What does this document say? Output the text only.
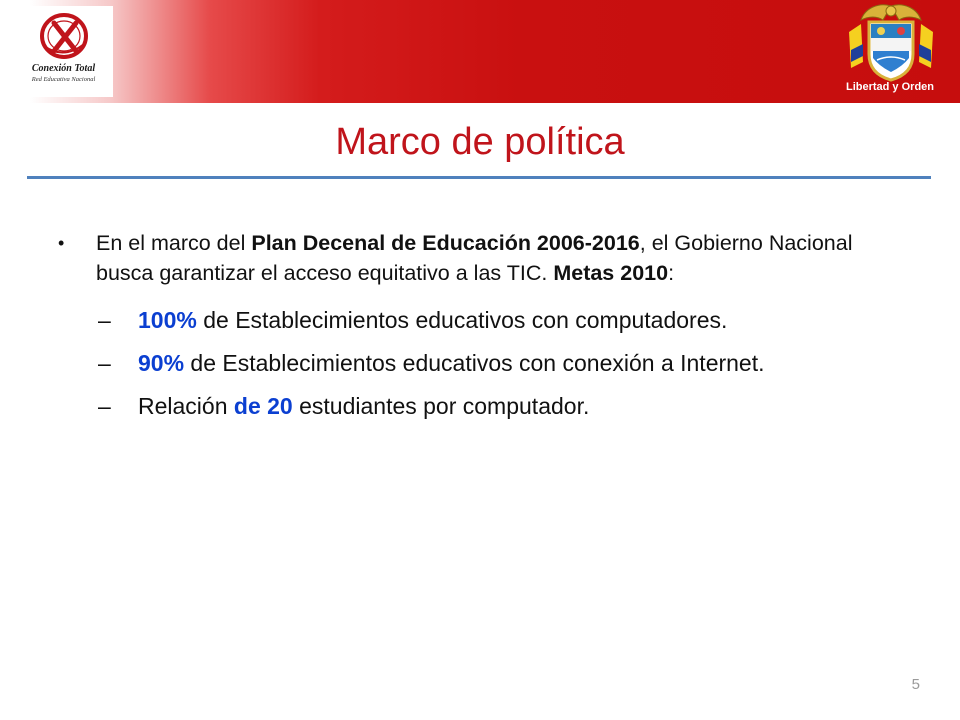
Conexión Total
Red Educativa Nacional
Libertad y Orden
Marco de política
• En el marco del Plan Decenal de Educación 2006-2016, el Gobierno Nacional busca garantizar el acceso equitativo a las TIC. Metas 2010:
– 100% de Establecimientos educativos con computadores.
– 90% de Establecimientos educativos con conexión a Internet.
– Relación de 20 estudiantes por computador.
5
